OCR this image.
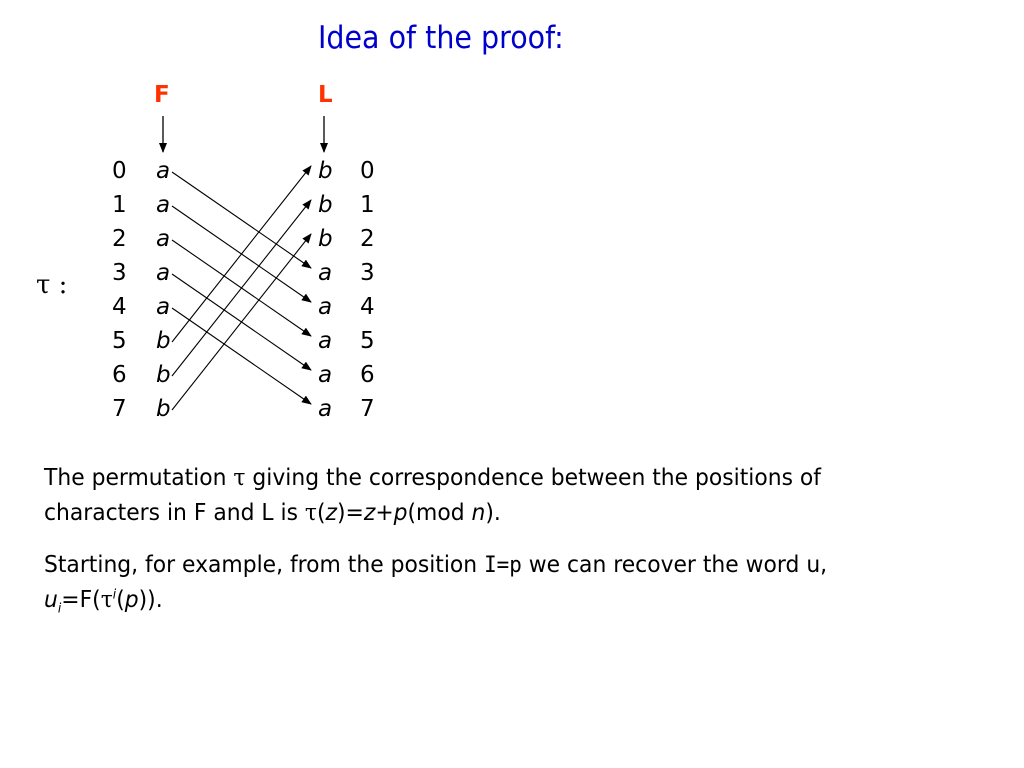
Idea of the proof:
F	L
τ :
0 a	b 0
1 a	b 1
2 a	b 2
3 a	a 3
4 a	a 4
5 b	a 5
6 b	a 6
7 b	a 7
The permutation τ giving the correspondence between the positions of
characters in F and L is τ(z)=z+p(mod n).
Starting, for example, from the position I=p we can recover the word u,
$u_i=F(\tau^i(p))$.
